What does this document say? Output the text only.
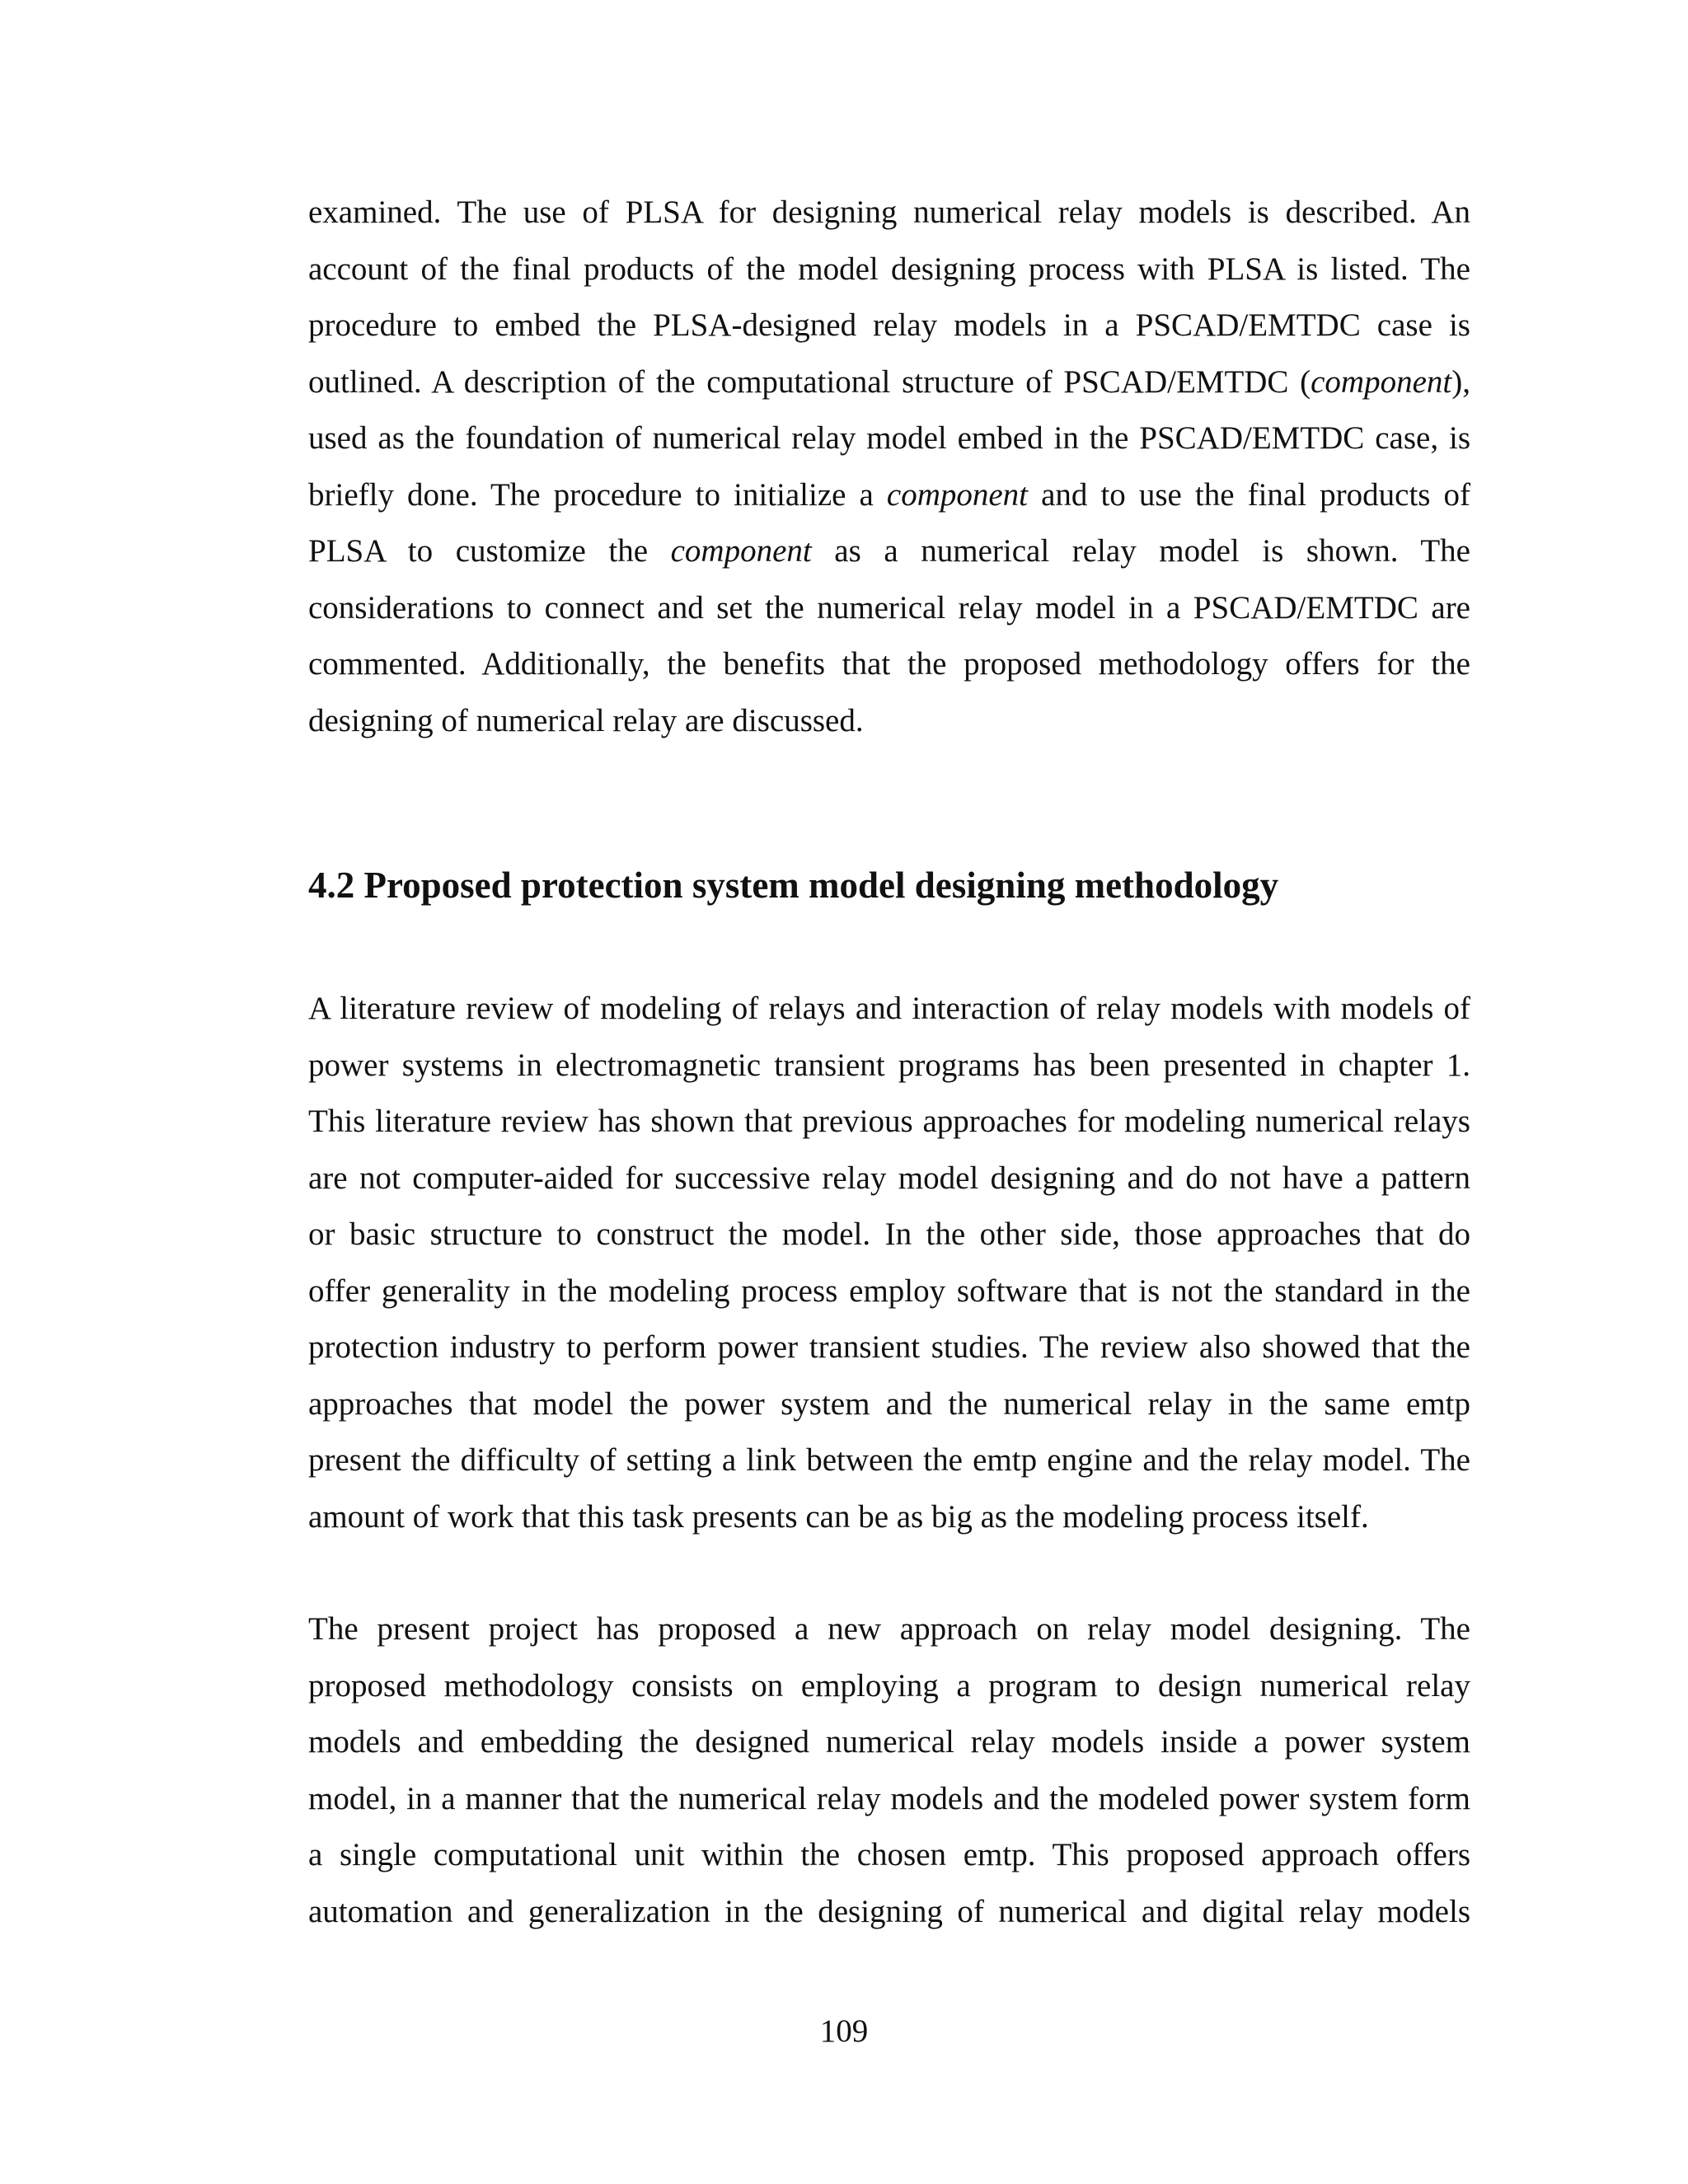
examined. The use of PLSA for designing numerical relay models is described. An
account of the final products of the model designing process with PLSA is listed. The
procedure to embed the PLSA-designed relay models in a PSCAD/EMTDC case is
outlined. A description of the computational structure of PSCAD/EMTDC (component),
used as the foundation of numerical relay model embed in the PSCAD/EMTDC case, is
briefly done. The procedure to initialize a component and to use the final products of
PLSA to customize the component as a numerical relay model is shown. The
considerations to connect and set the numerical relay model in a PSCAD/EMTDC are
commented. Additionally, the benefits that the proposed methodology offers for the
designing of numerical relay are discussed.
4.2 Proposed protection system model designing methodology
A literature review of modeling of relays and interaction of relay models with models of
power systems in electromagnetic transient programs has been presented in chapter 1.
This literature review has shown that previous approaches for modeling numerical relays
are not computer-aided for successive relay model designing and do not have a pattern
or basic structure to construct the model. In the other side, those approaches that do
offer generality in the modeling process employ software that is not the standard in the
protection industry to perform power transient studies. The review also showed that the
approaches that model the power system and the numerical relay in the same emtp
present the difficulty of setting a link between the emtp engine and the relay model. The
amount of work that this task presents can be as big as the modeling process itself.
The present project has proposed a new approach on relay model designing. The
proposed methodology consists on employing a program to design numerical relay
models and embedding the designed numerical relay models inside a power system
model, in a manner that the numerical relay models and the modeled power system form
a single computational unit within the chosen emtp. This proposed approach offers
automation and generalization in the designing of numerical and digital relay models
109
